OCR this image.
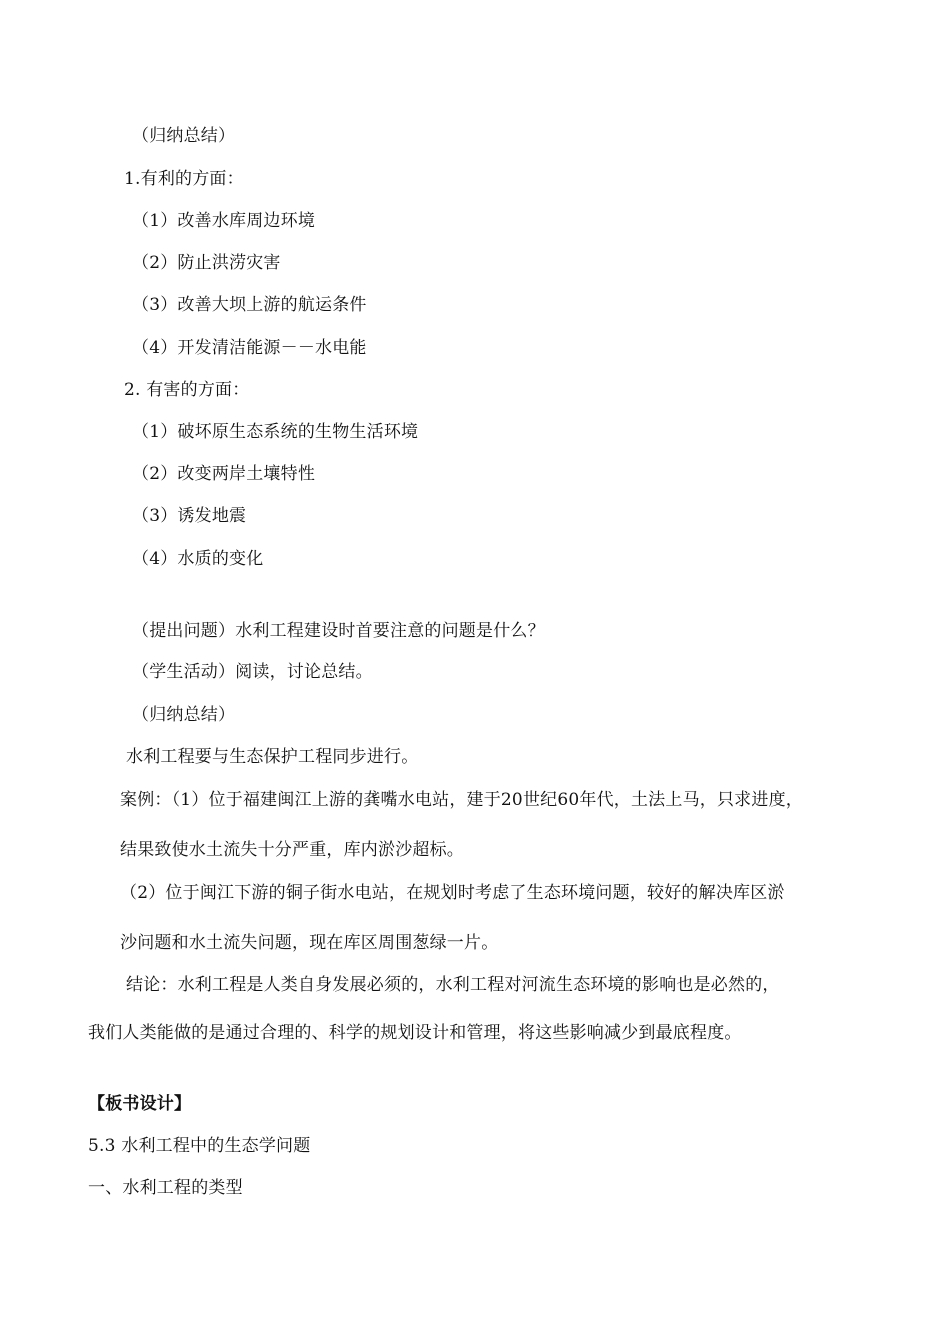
（归纳总结）
1.有利的方面：
（1）改善水库周边环境
（2）防止洪涝灾害
（3）改善大坝上游的航运条件
（4）开发清洁能源－－水电能
2. 有害的方面：
（1）破坏原生态系统的生物生活环境
（2）改变两岸土壤特性
（3）诱发地震
（4）水质的变化
（提出问题）水利工程建设时首要注意的问题是什么？
（学生活动）阅读，讨论总结。
（归纳总结）
水利工程要与生态保护工程同步进行。
案例：（1）位于福建闽江上游的龚嘴水电站，建于20世纪60年代，土法上马，只求进度，
结果致使水土流失十分严重，库内淤沙超标。
（2）位于闽江下游的铜子街水电站，在规划时考虑了生态环境问题，较好的解决库区淤
沙问题和水土流失问题，现在库区周围葱绿一片。
结论：水利工程是人类自身发展必须的，水利工程对河流生态环境的影响也是必然的，
我们人类能做的是通过合理的、科学的规划设计和管理，将这些影响减少到最底程度。
【板书设计】
5.3 水利工程中的生态学问题
一、水利工程的类型
